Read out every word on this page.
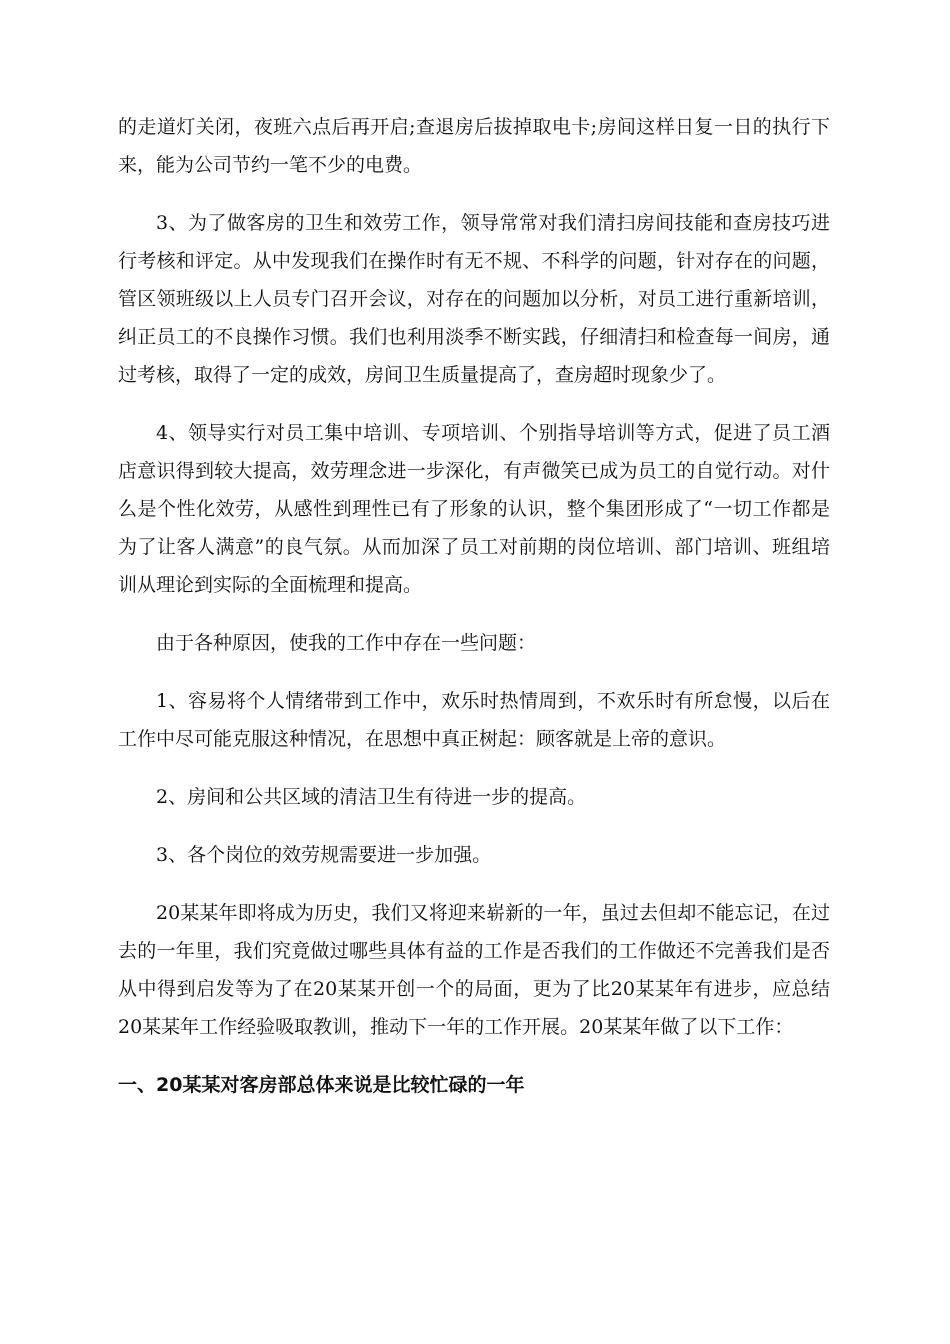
的走道灯关闭，夜班六点后再开启;查退房后拔掉取电卡;房间这样日复一日的执行下来，能为公司节约一笔不少的电费。

3、为了做客房的卫生和效劳工作，领导常常对我们清扫房间技能和查房技巧进行考核和评定。从中发现我们在操作时有无不规、不科学的问题，针对存在的问题，管区领班级以上人员专门召开会议，对存在的问题加以分析，对员工进行重新培训，纠正员工的不良操作习惯。我们也利用淡季不断实践，仔细清扫和检查每一间房，通过考核，取得了一定的成效，房间卫生质量提高了，查房超时现象少了。

4、领导实行对员工集中培训、专项培训、个别指导培训等方式，促进了员工酒店意识得到较大提高，效劳理念进一步深化，有声微笑已成为员工的自觉行动。对什么是个性化效劳，从感性到理性已有了形象的认识，整个集团形成了“一切工作都是为了让客人满意”的良气氛。从而加深了员工对前期的岗位培训、部门培训、班组培训从理论到实际的全面梳理和提高。

由于各种原因，使我的工作中存在一些问题：

1、容易将个人情绪带到工作中，欢乐时热情周到，不欢乐时有所怠慢，以后在工作中尽可能克服这种情况，在思想中真正树起：顾客就是上帝的意识。

2、房间和公共区域的清洁卫生有待进一步的提高。

3、各个岗位的效劳规需要进一步加强。

20某某年即将成为历史，我们又将迎来崭新的一年，虽过去但却不能忘记，在过去的一年里，我们究竟做过哪些具体有益的工作是否我们的工作做还不完善我们是否从中得到启发等为了在20某某开创一个的局面，更为了比20某某年有进步，应总结20某某年工作经验吸取教训，推动下一年的工作开展。20某某年做了以下工作：

一、20某某对客房部总体来说是比较忙碌的一年
